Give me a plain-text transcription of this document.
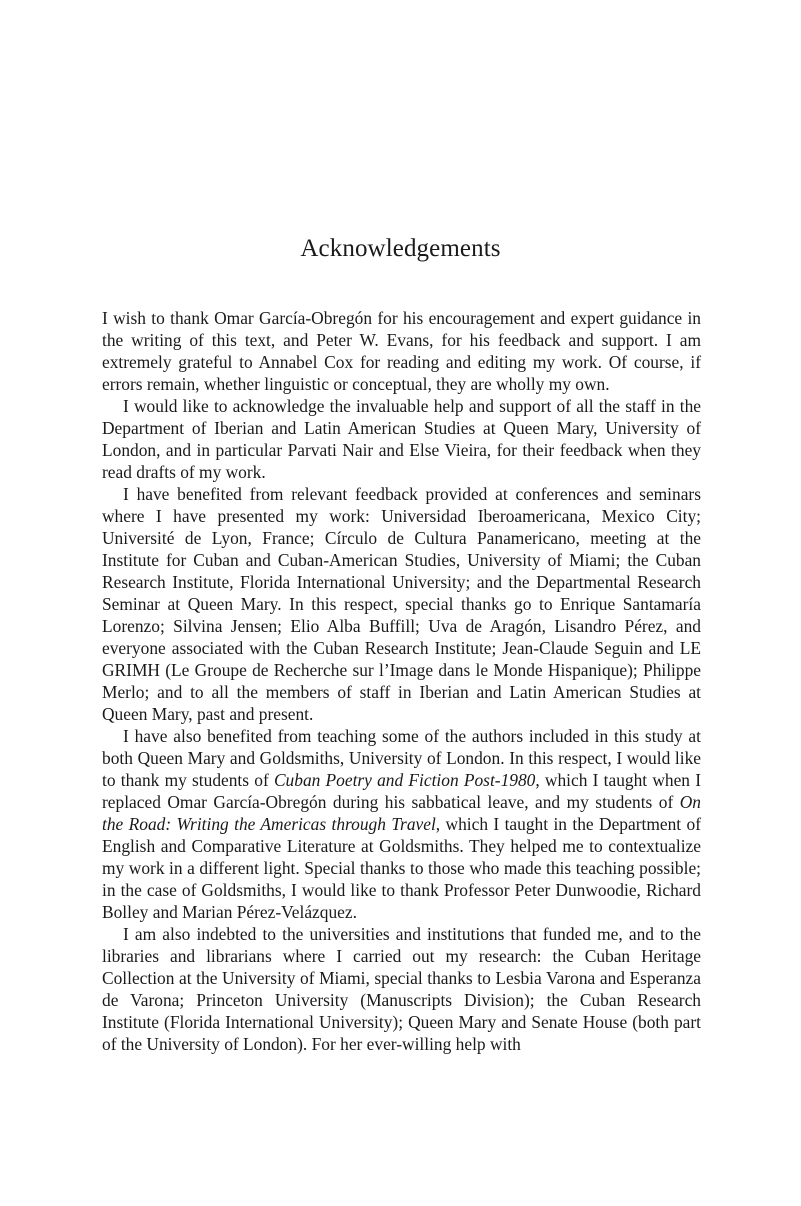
Acknowledgements

I wish to thank Omar García-Obregón for his encouragement and expert guidance in the writing of this text, and Peter W. Evans, for his feedback and support. I am extremely grateful to Annabel Cox for reading and editing my work. Of course, if errors remain, whether linguistic or conceptual, they are wholly my own.

I would like to acknowledge the invaluable help and support of all the staff in the Department of Iberian and Latin American Studies at Queen Mary, University of London, and in particular Parvati Nair and Else Vieira, for their feedback when they read drafts of my work.

I have benefited from relevant feedback provided at conferences and seminars where I have presented my work: Universidad Iberoamericana, Mexico City; Université de Lyon, France; Círculo de Cultura Panamericano, meeting at the Institute for Cuban and Cuban-American Studies, University of Miami; the Cuban Research Institute, Florida International University; and the Departmental Research Seminar at Queen Mary. In this respect, special thanks go to Enrique Santamaría Lorenzo; Silvina Jensen; Elio Alba Buffill; Uva de Aragón, Lisandro Pérez, and everyone associated with the Cuban Research Institute; Jean-Claude Seguin and LE GRIMH (Le Groupe de Recherche sur l’Image dans le Monde Hispanique); Philippe Merlo; and to all the members of staff in Iberian and Latin American Studies at Queen Mary, past and present.

I have also benefited from teaching some of the authors included in this study at both Queen Mary and Goldsmiths, University of London. In this respect, I would like to thank my students of Cuban Poetry and Fiction Post-1980, which I taught when I replaced Omar García-Obregón during his sabbatical leave, and my students of On the Road: Writing the Americas through Travel, which I taught in the Department of English and Comparative Literature at Goldsmiths. They helped me to contextualize my work in a different light. Special thanks to those who made this teaching possible; in the case of Goldsmiths, I would like to thank Professor Peter Dunwoodie, Richard Bolley and Marian Pérez-Velázquez.

I am also indebted to the universities and institutions that funded me, and to the libraries and librarians where I carried out my research: the Cuban Heritage Collection at the University of Miami, special thanks to Lesbia Varona and Esperanza de Varona; Princeton University (Manuscripts Division); the Cuban Research Institute (Florida International University); Queen Mary and Senate House (both part of the University of London). For her ever-willing help with
